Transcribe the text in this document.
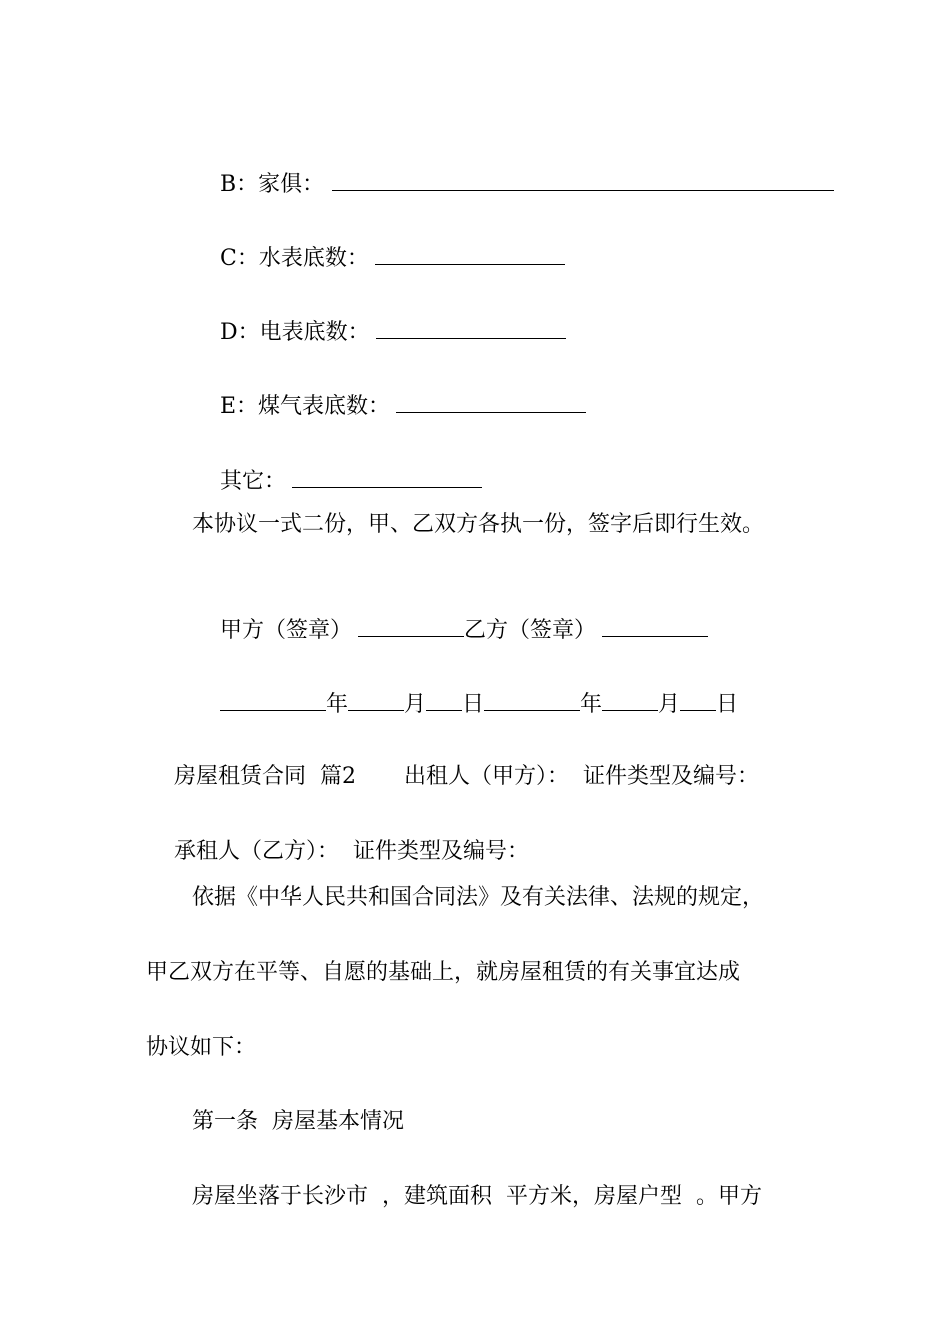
B：家俱：

C：水表底数：

D：电表底数：

E：煤气表底数：

其它：

本协议一式二份，甲、乙双方各执一份，签字后即行生效。

甲方（签章）	乙方（签章）

年	月 日	年	月 日

房屋租赁合同  篇2 出租人（甲方）： 证件类型及编号：

承租人（乙方）： 证件类型及编号：

依据《中华人民共和国合同法》及有关法律、法规的规定，
甲乙双方在平等、自愿的基础上，就房屋租赁的有关事宜达成
协议如下：
第一条  房屋基本情况
房屋坐落于长沙市  ，建筑面积  平方米，房屋户型  。甲方
